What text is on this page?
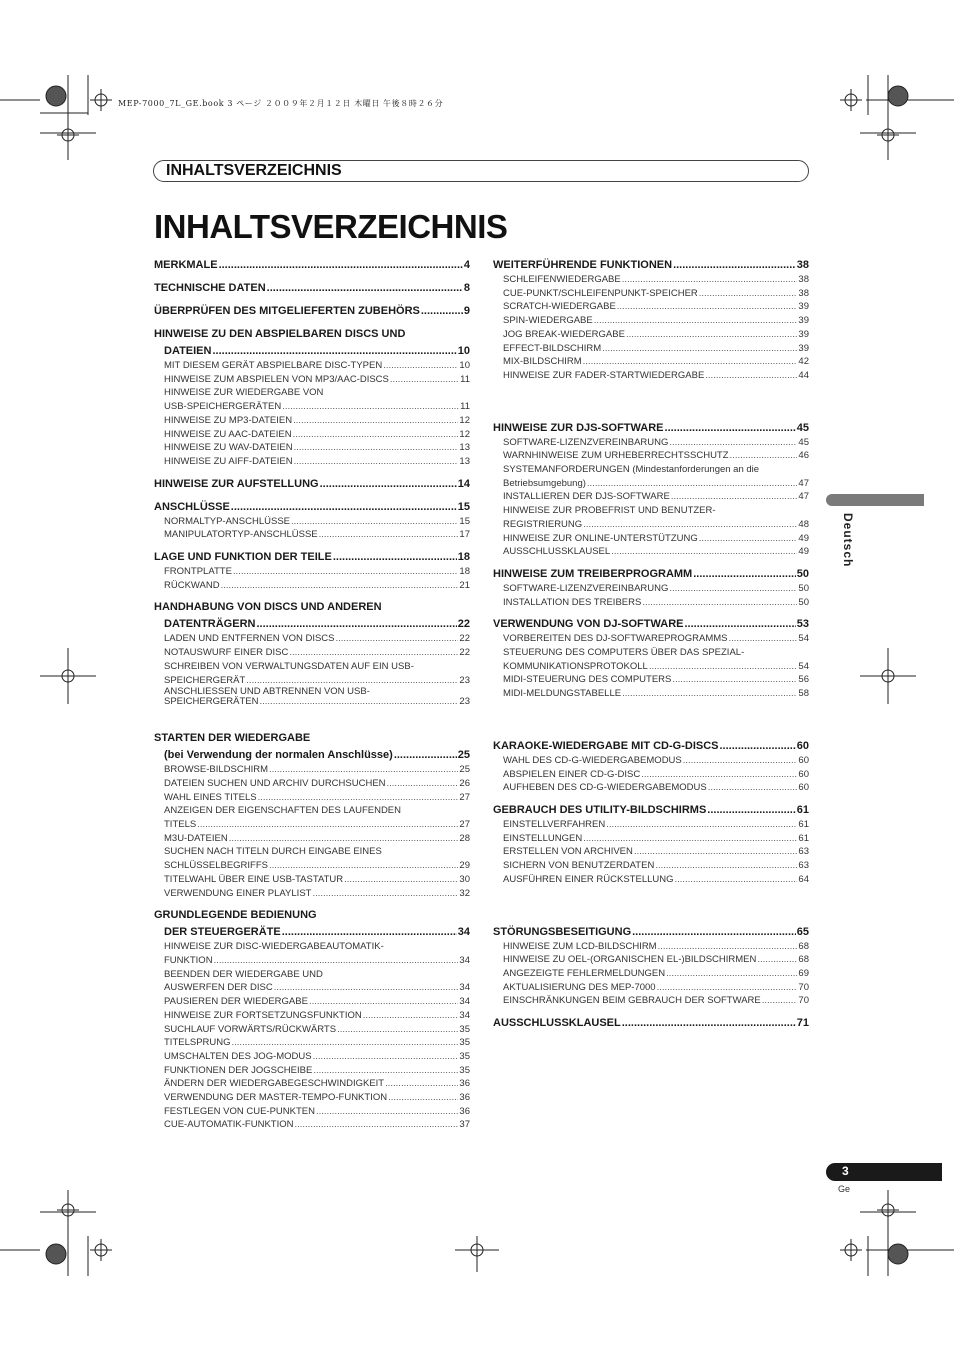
MEP-7000_7L_GE.book 3 ページ ２００９年２月１２日 木曜日 午後８時２６分
INHALTSVERZEICHNIS
INHALTSVERZEICHNIS
Deutsch
3
Ge
MERKMALE .....	4
TECHNISCHE DATEN .....	8
ÜBERPRÜFEN DES MITGELIEFERTEN ZUBEHÖRS .....	9
HINWEISE ZU DEN ABSPIELBAREN DISCS UND
DATEIEN .....	10
MIT DIESEM GERÄT ABSPIELBARE DISC-TYPEN .....	10
HINWEISE ZUM ABSPIELEN VON MP3/AAC-DISCS .....	11
HINWEISE ZUR WIEDERGABE VON
USB-SPEICHERGERÄTEN .....	11
HINWEISE ZU MP3-DATEIEN .....	12
HINWEISE ZU AAC-DATEIEN .....	12
HINWEISE ZU WAV-DATEIEN .....	13
HINWEISE ZU AIFF-DATEIEN .....	13
HINWEISE ZUR AUFSTELLUNG .....	14
ANSCHLÜSSE .....	15
NORMALTYP-ANSCHLÜSSE .....	15
MANIPULATORTYP-ANSCHLÜSSE .....	17
LAGE UND FUNKTION DER TEILE .....	18
FRONTPLATTE .....	18
RÜCKWAND .....	21
HANDHABUNG VON DISCS UND ANDEREN
DATENTRÄGERN .....	22
LADEN UND ENTFERNEN VON DISCS .....	22
NOTAUSWURF EINER DISC .....	22
SCHREIBEN VON VERWALTUNGSDATEN AUF EIN USB-
SPEICHERGERÄT .....	23
ANSCHLIESSEN UND ABTRENNEN VON USB-
SPEICHERGERÄTEN .....	23
STARTEN DER WIEDERGABE
(bei Verwendung der normalen Anschlüsse) .....	25
BROWSE-BILDSCHIRM .....	25
DATEIEN SUCHEN UND ARCHIV DURCHSUCHEN .....	26
WAHL EINES TITELS .....	27
ANZEIGEN DER EIGENSCHAFTEN DES LAUFENDEN
TITELS .....	27
M3U-DATEIEN .....	28
SUCHEN NACH TITELN DURCH EINGABE EINES
SCHLÜSSELBEGRIFFS .....	29
TITELWAHL ÜBER EINE USB-TASTATUR .....	30
VERWENDUNG EINER PLAYLIST .....	32
GRUNDLEGENDE BEDIENUNG
DER STEUERGERÄTE .....	34
HINWEISE ZUR DISC-WIEDERGABEAUTOMATIK-
FUNKTION .....	34
BEENDEN DER WIEDERGABE UND
AUSWERFEN DER DISC .....	34
PAUSIEREN DER WIEDERGABE .....	34
HINWEISE ZUR FORTSETZUNGSFUNKTION .....	34
SUCHLAUF VORWÄRTS/RÜCKWÄRTS .....	35
TITELSPRUNG .....	35
UMSCHALTEN DES JOG-MODUS .....	35
FUNKTIONEN DER JOGSCHEIBE .....	35
ÄNDERN DER WIEDERGABEGESCHWINDIGKEIT .....	36
VERWENDUNG DER MASTER-TEMPO-FUNKTION .....	36
FESTLEGEN VON CUE-PUNKTEN .....	36
CUE-AUTOMATIK-FUNKTION .....	37
WEITERFÜHRENDE FUNKTIONEN .....	38
SCHLEIFENWIEDERGABE .....	38
CUE-PUNKT/SCHLEIFENPUNKT-SPEICHER .....	38
SCRATCH-WIEDERGABE .....	39
SPIN-WIEDERGABE .....	39
JOG BREAK-WIEDERGABE .....	39
EFFECT-BILDSCHIRM .....	39
MIX-BILDSCHIRM .....	42
HINWEISE ZUR FADER-STARTWIEDERGABE .....	44
HINWEISE ZUR DJS-SOFTWARE .....	45
SOFTWARE-LIZENZVEREINBARUNG .....	45
WARNHINWEISE ZUM URHEBERRECHTSSCHUTZ .....	46
SYSTEMANFORDERUNGEN (Mindestanforderungen an die
Betriebsumgebung) .....	47
INSTALLIEREN DER DJS-SOFTWARE .....	47
HINWEISE ZUR PROBEFRIST UND BENUTZER-
REGISTRIERUNG .....	48
HINWEISE ZUR ONLINE-UNTERSTÜTZUNG .....	49
AUSSCHLUSSKLAUSEL .....	49
HINWEISE ZUM TREIBERPROGRAMM .....	50
SOFTWARE-LIZENZVEREINBARUNG .....	50
INSTALLATION DES TREIBERS .....	50
VERWENDUNG VON DJ-SOFTWARE .....	53
VORBEREITEN DES DJ-SOFTWAREPROGRAMMS .....	54
STEUERUNG DES COMPUTERS ÜBER DAS SPEZIAL-
KOMMUNIKATIONSPROTOKOLL .....	54
MIDI-STEUERUNG DES COMPUTERS .....	56
MIDI-MELDUNGSTABELLE .....	58
KARAOKE-WIEDERGABE MIT CD-G-DISCS .....	60
WAHL DES CD-G-WIEDERGABEMODUS .....	60
ABSPIELEN EINER CD-G-DISC .....	60
AUFHEBEN DES CD-G-WIEDERGABEMODUS .....	60
GEBRAUCH DES UTILITY-BILDSCHIRMS .....	61
EINSTELLVERFAHREN .....	61
EINSTELLUNGEN .....	61
ERSTELLEN VON ARCHIVEN .....	63
SICHERN VON BENUTZERDATEN .....	63
AUSFÜHREN EINER RÜCKSTELLUNG .....	64
STÖRUNGSBESEITIGUNG .....	65
HINWEISE ZUM LCD-BILDSCHIRM .....	68
HINWEISE ZU OEL-(ORGANISCHEN EL-)BILDSCHIRMEN .....	68
ANGEZEIGTE FEHLERMELDUNGEN .....	69
AKTUALISIERUNG DES MEP-7000 .....	70
EINSCHRÄNKUNGEN BEIM GEBRAUCH DER SOFTWARE .....	70
AUSSCHLUSSKLAUSEL .....	71
